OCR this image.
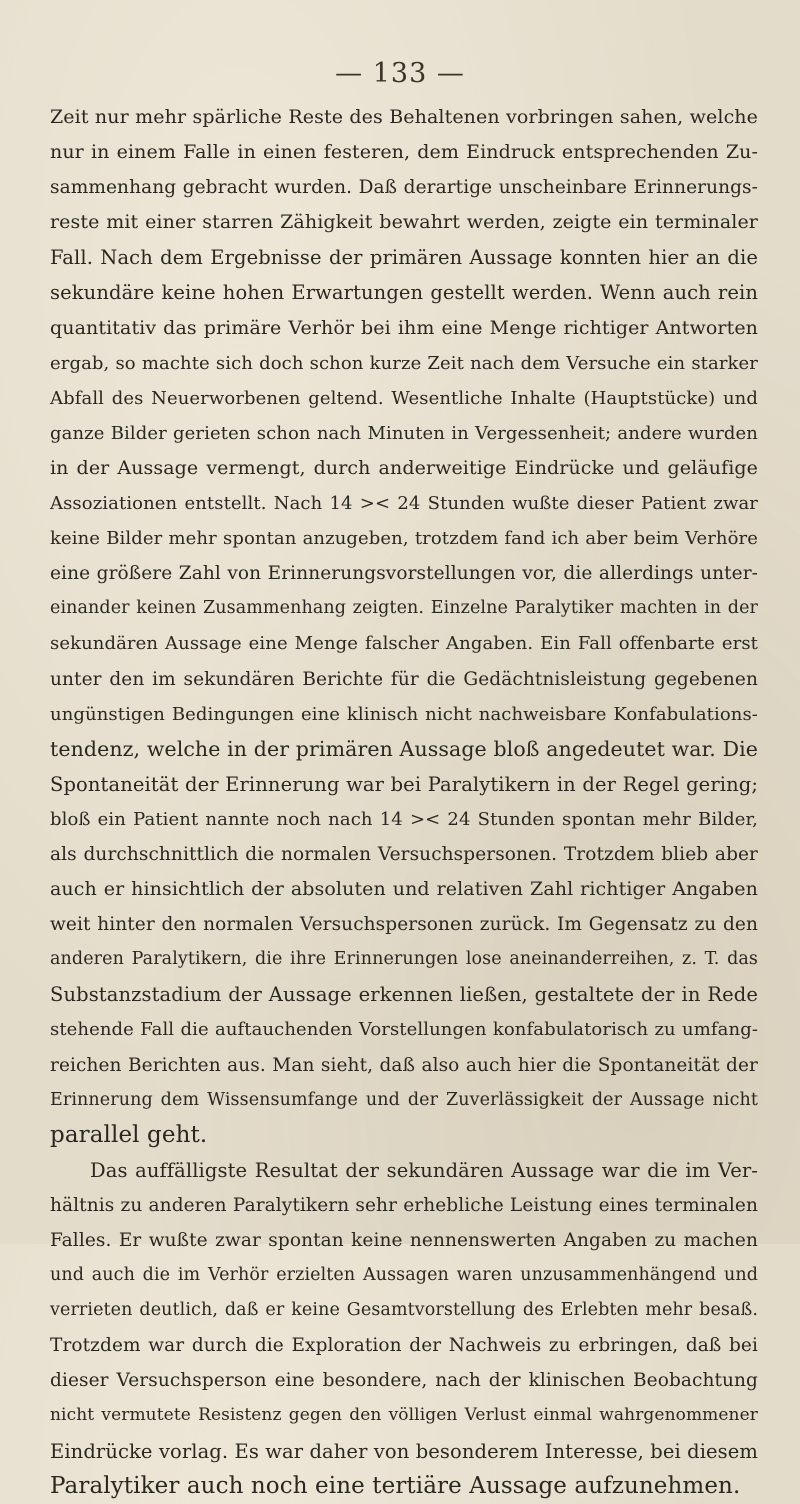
— 133 —
Zeit nur mehr spärliche Reste des Behaltenen vorbringen sahen, welche
nur in einem Falle in einen festeren, dem Eindruck entsprechenden Zu-
sammenhang gebracht wurden. Daß derartige unscheinbare Erinnerungs-
reste mit einer starren Zähigkeit bewahrt werden, zeigte ein terminaler
Fall. Nach dem Ergebnisse der primären Aussage konnten hier an die
sekundäre keine hohen Erwartungen gestellt werden. Wenn auch rein
quantitativ das primäre Verhör bei ihm eine Menge richtiger Antworten
ergab, so machte sich doch schon kurze Zeit nach dem Versuche ein starker
Abfall des Neuerworbenen geltend. Wesentliche Inhalte (Hauptstücke) und
ganze Bilder gerieten schon nach Minuten in Vergessenheit; andere wurden
in der Aussage vermengt, durch anderweitige Eindrücke und geläufige
Assoziationen entstellt. Nach 14 >< 24 Stunden wußte dieser Patient zwar
keine Bilder mehr spontan anzugeben, trotzdem fand ich aber beim Verhöre
eine größere Zahl von Erinnerungsvorstellungen vor, die allerdings unter-
einander keinen Zusammenhang zeigten. Einzelne Paralytiker machten in der
sekundären Aussage eine Menge falscher Angaben. Ein Fall offenbarte erst
unter den im sekundären Berichte für die Gedächtnisleistung gegebenen
ungünstigen Bedingungen eine klinisch nicht nachweisbare Konfabulations-
tendenz, welche in der primären Aussage bloß angedeutet war. Die
Spontaneität der Erinnerung war bei Paralytikern in der Regel gering;
bloß ein Patient nannte noch nach 14 >< 24 Stunden spontan mehr Bilder,
als durchschnittlich die normalen Versuchspersonen. Trotzdem blieb aber
auch er hinsichtlich der absoluten und relativen Zahl richtiger Angaben
weit hinter den normalen Versuchspersonen zurück. Im Gegensatz zu den
anderen Paralytikern, die ihre Erinnerungen lose aneinanderreihen, z. T. das
Substanzstadium der Aussage erkennen ließen, gestaltete der in Rede
stehende Fall die auftauchenden Vorstellungen konfabulatorisch zu umfang-
reichen Berichten aus. Man sieht, daß also auch hier die Spontaneität der
Erinnerung dem Wissensumfange und der Zuverlässigkeit der Aussage nicht
parallel geht.
Das auffälligste Resultat der sekundären Aussage war die im Ver-
hältnis zu anderen Paralytikern sehr erhebliche Leistung eines terminalen
Falles. Er wußte zwar spontan keine nennenswerten Angaben zu machen
und auch die im Verhör erzielten Aussagen waren unzusammenhängend und
verrieten deutlich, daß er keine Gesamtvorstellung des Erlebten mehr besaß.
Trotzdem war durch die Exploration der Nachweis zu erbringen, daß bei
dieser Versuchsperson eine besondere, nach der klinischen Beobachtung
nicht vermutete Resistenz gegen den völligen Verlust einmal wahrgenommener
Eindrücke vorlag. Es war daher von besonderem Interesse, bei diesem
Paralytiker auch noch eine tertiäre Aussage aufzunehmen.
